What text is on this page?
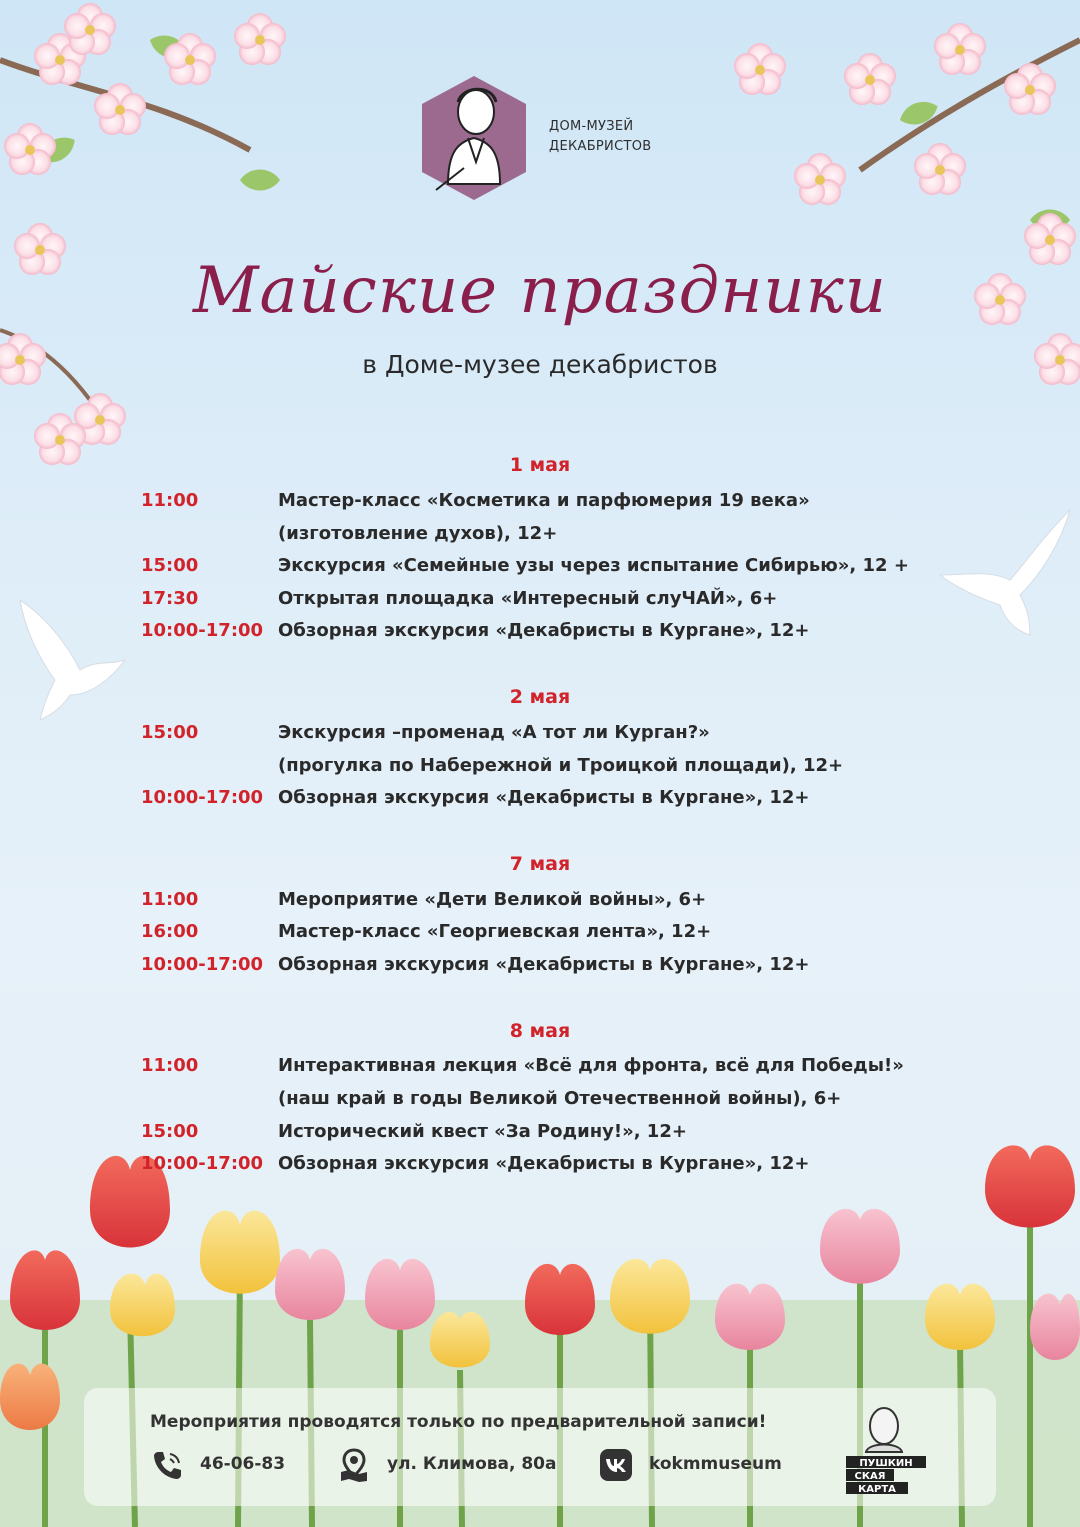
ДОМ-МУЗЕЙ
ДЕКАБРИСТОВ
Майские праздники
в Доме-музее декабристов
1 мая
11:00	Мастер-класс «Косметика и парфюмерия 19 века»
(изготовление духов), 12+
15:00	Экскурсия «Семейные узы через испытание Сибирью», 12 +
17:30	Открытая площадка «Интересный слуЧАЙ», 6+
10:00-17:00 Обзорная экскурсия «Декабристы в Кургане», 12+
2 мая
15:00	Экскурсия –променад «А тот ли Курган?»
(прогулка по Набережной и Троицкой площади), 12+
10:00-17:00 Обзорная экскурсия «Декабристы в Кургане», 12+
7 мая
11:00	Мероприятие «Дети Великой войны», 6+
16:00	Мастер-класс «Георгиевская лента», 12+
10:00-17:00 Обзорная экскурсия «Декабристы в Кургане», 12+
8 мая
11:00	Интерактивная лекция «Всё для фронта, всё для Победы!»
(наш край в годы Великой Отечественной войны), 6+
15:00	Исторический квест «За Родину!», 12+
10:00-17:00 Обзорная экскурсия «Декабристы в Кургане», 12+
Мероприятия проводятся только по предварительной записи!
46-06-83	ул. Климова, 80а	kokmmuseum	ПУШКИН
СКАЯ
КАРТА
